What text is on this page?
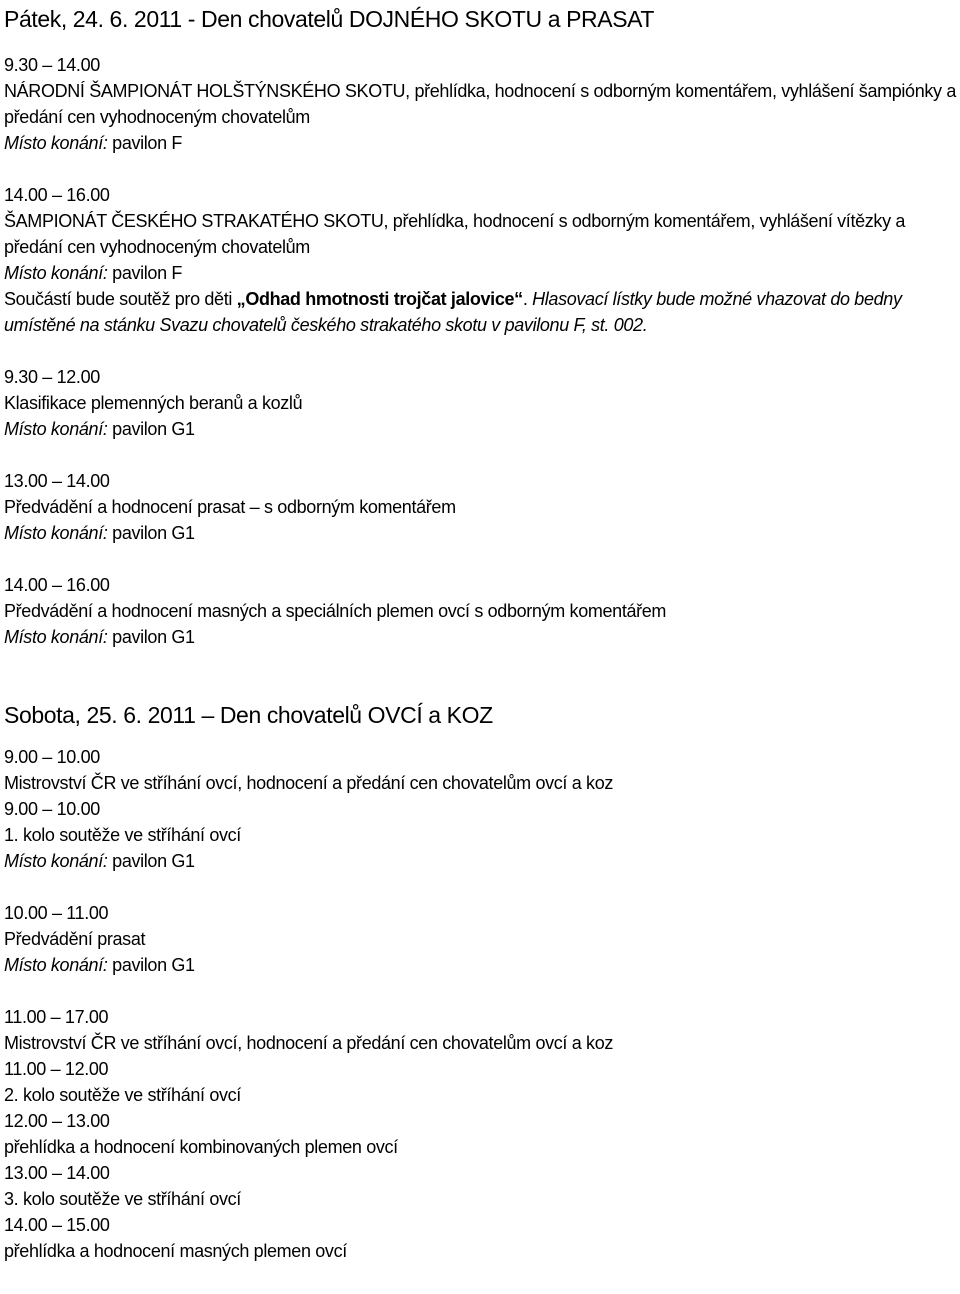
Pátek, 24. 6. 2011 - Den chovatelů DOJNÉHO SKOTU a PRASAT
9.30 – 14.00
NÁRODNÍ ŠAMPIONÁT HOLŠTÝNSKÉHO SKOTU, přehlídka, hodnocení s odborným komentářem, vyhlášení šampiónky a předání cen vyhodnoceným chovatelům
Místo konání: pavilon F
14.00 – 16.00
ŠAMPIONÁT ČESKÉHO STRAKATÉHO SKOTU, přehlídka, hodnocení s odborným komentářem, vyhlášení vítězky a předání cen vyhodnoceným chovatelům
Místo konání: pavilon F
Součástí bude soutěž pro děti „Odhad hmotnosti trojčat jalovice“. Hlasovací lístky bude možné vhazovat do bedny umístěné na stánku Svazu chovatelů českého strakatého skotu v pavilonu F, st. 002.
9.30 – 12.00
Klasifikace plemenných beranů a kozlů
Místo konání: pavilon G1
13.00 – 14.00
Předvádění a hodnocení prasat – s odborným komentářem
Místo konání: pavilon G1
14.00 – 16.00
Předvádění a hodnocení masných a speciálních plemen ovcí s odborným komentářem
Místo konání: pavilon G1
Sobota, 25. 6. 2011 – Den chovatelů OVCÍ a KOZ
9.00 – 10.00
Mistrovství ČR ve stříhání ovcí, hodnocení a předání cen chovatelům ovcí a koz
9.00 – 10.00
1. kolo soutěže ve stříhání ovcí
Místo konání: pavilon G1
10.00 – 11.00
Předvádění prasat
Místo konání: pavilon G1
11.00 – 17.00
Mistrovství ČR ve stříhání ovcí, hodnocení a předání cen chovatelům ovcí a koz
11.00 – 12.00
2. kolo soutěže ve stříhání ovcí
12.00 – 13.00
přehlídka a hodnocení kombinovaných plemen ovcí
13.00 – 14.00
3. kolo soutěže ve stříhání ovcí
14.00 – 15.00
přehlídka a hodnocení masných plemen ovcí
